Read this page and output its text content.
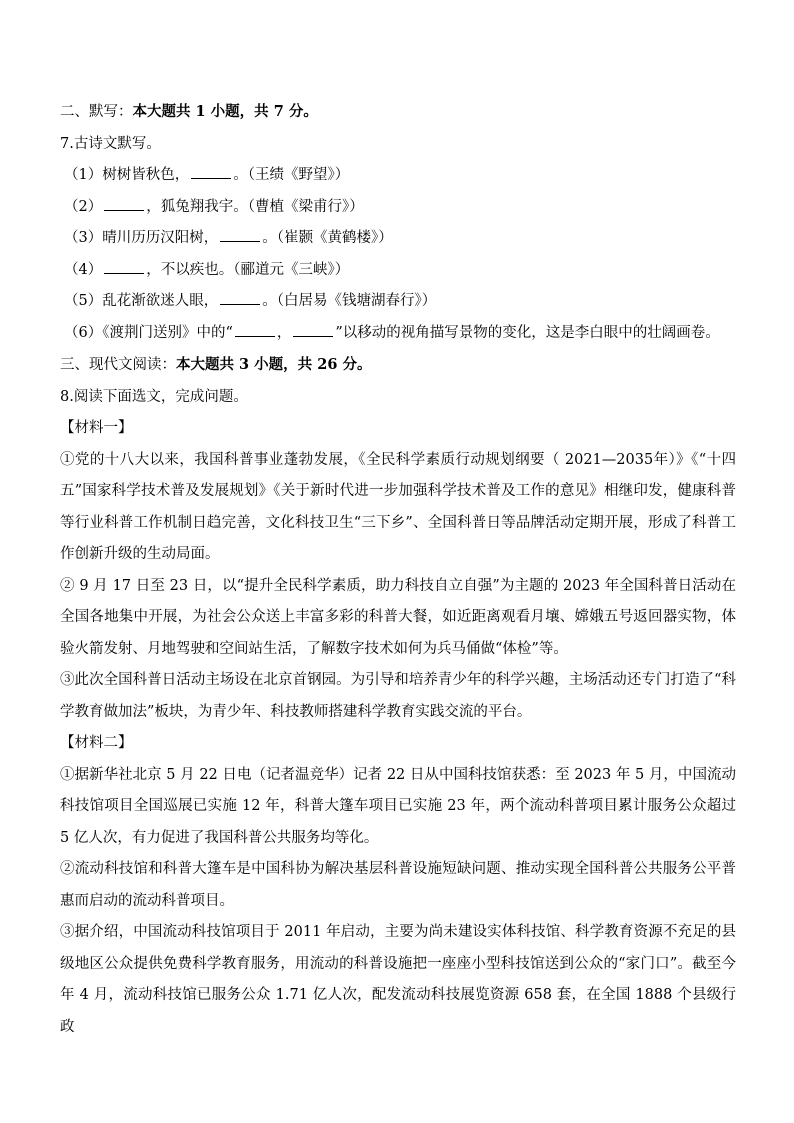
二、默写：本大题共 1 小题，共 7 分。
7.古诗文默写。
（1）树树皆秋色，	。（王绩《野望》）
（2）	，狐兔翔我宇。（曹植《梁甫行》）
（3）晴川历历汉阳树，	。（崔颢《黄鹤楼》）
（4）	，不以疾也。（郦道元《三峡》）
（5）乱花渐欲迷人眼，	。（白居易《钱塘湖春行》）
（6）《渡荆门送别》中的“	，	”以移动的视角描写景物的变化，这是李白眼中的壮阔画卷。
三、现代文阅读：本大题共 3 小题，共 26 分。
8.阅读下面选文，完成问题。
【材料一】
①党的十八大以来，我国科普事业蓬勃发展，《全民科学素质行动规划纲要（ 2021—2035年）》《“十四五”国家科学技术普及发展规划》《关于新时代进一步加强科学技术普及工作的意见》相继印发，健康科普等行业科普工作机制日趋完善，文化科技卫生“三下乡”、全国科普日等品牌活动定期开展，形成了科普工作创新升级的生动局面。
② 9 月 17 日至 23 日，以“提升全民科学素质，助力科技自立自强”为主题的 2023 年全国科普日活动在全国各地集中开展，为社会公众送上丰富多彩的科普大餐，如近距离观看月壤、嫦娥五号返回器实物，体验火箭发射、月地驾驶和空间站生活，了解数字技术如何为兵马俑做“体检”等。
③此次全国科普日活动主场设在北京首钢园。为引导和培养青少年的科学兴趣，主场活动还专门打造了“科学教育做加法”板块，为青少年、科技教师搭建科学教育实践交流的平台。
【材料二】
①据新华社北京 5 月 22 日电（记者温竞华）记者 22 日从中国科技馆获悉：至 2023 年 5 月，中国流动科技馆项目全国巡展已实施 12 年，科普大篷车项目已实施 23 年，两个流动科普项目累计服务公众超过 5 亿人次，有力促进了我国科普公共服务均等化。
②流动科技馆和科普大篷车是中国科协为解决基层科普设施短缺问题、推动实现全国科普公共服务公平普惠而启动的流动科普项目。
③据介绍，中国流动科技馆项目于 2011 年启动，主要为尚未建设实体科技馆、科学教育资源不充足的县级地区公众提供免费科学教育服务，用流动的科普设施把一座座小型科技馆送到公众的“家门口”。截至今年 4 月，流动科技馆已服务公众 1.71 亿人次，配发流动科技展览资源 658 套，在全国 1888 个县级行政
